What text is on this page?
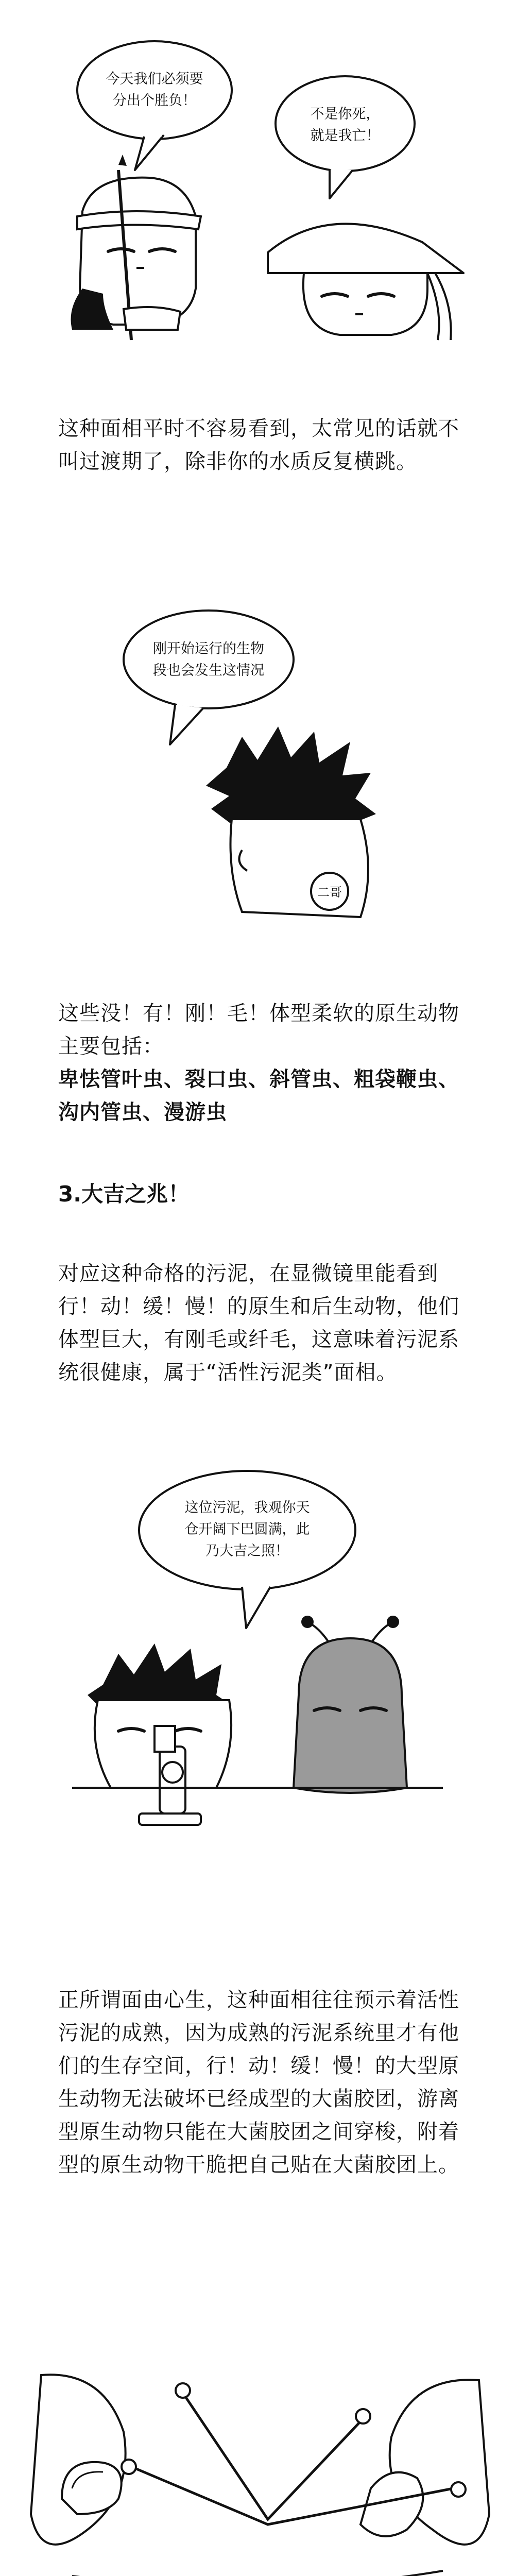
今天我们必须要
分出个胜负！
不是你死，
就是我亡！

这种面相平时不容易看到，太常见的话就不叫过渡期了，除非你的水质反复横跳。

刚开始运行的生物
段也会发生这情况
二哥

这些没！有！刚！毛！体型柔软的原生动物主要包括：

卑怯管叶虫、裂口虫、斜管虫、粗袋鞭虫、沟内管虫、漫游虫

3.大吉之兆！

对应这种命格的污泥，在显微镜里能看到行！动！缓！慢！的原生和后生动物，他们体型巨大，有刚毛或纤毛，这意味着污泥系统很健康，属于“活性污泥类”面相。

这位污泥，我观你天
仓开阔下巴圆满，此
乃大吉之照！

正所谓面由心生，这种面相往往预示着活性污泥的成熟，因为成熟的污泥系统里才有他们的生存空间，行！动！缓！慢！的大型原生动物无法破坏已经成型的大菌胶团，游离型原生动物只能在大菌胶团之间穿梭，附着型的原生动物干脆把自己贴在大菌胶团上。
